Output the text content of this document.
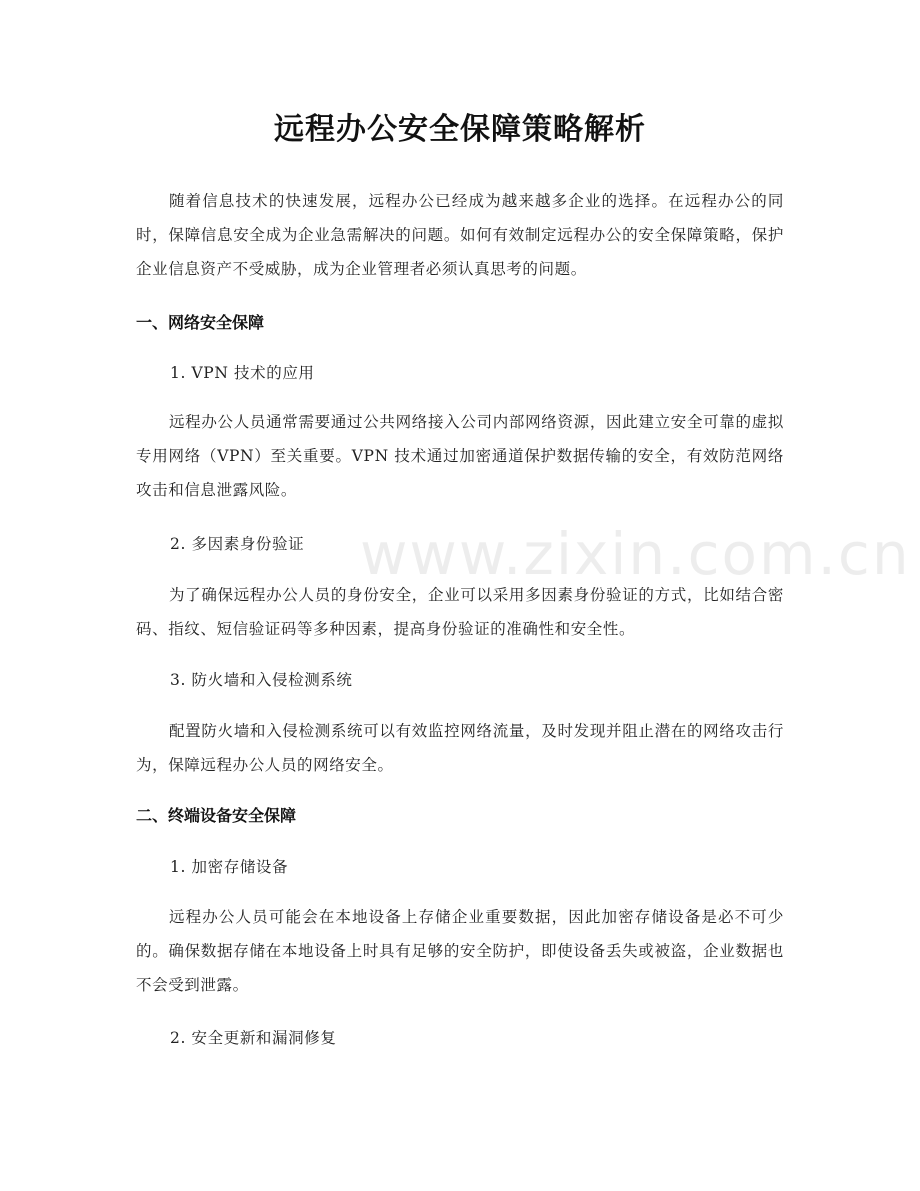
远程办公安全保障策略解析
随着信息技术的快速发展，远程办公已经成为越来越多企业的选择。在远程办公的同时，保障信息安全成为企业急需解决的问题。如何有效制定远程办公的安全保障策略，保护企业信息资产不受威胁，成为企业管理者必须认真思考的问题。
一、网络安全保障
1. VPN 技术的应用
远程办公人员通常需要通过公共网络接入公司内部网络资源，因此建立安全可靠的虚拟专用网络（VPN）至关重要。VPN 技术通过加密通道保护数据传输的安全，有效防范网络攻击和信息泄露风险。
2. 多因素身份验证
为了确保远程办公人员的身份安全，企业可以采用多因素身份验证的方式，比如结合密码、指纹、短信验证码等多种因素，提高身份验证的准确性和安全性。
3. 防火墙和入侵检测系统
配置防火墙和入侵检测系统可以有效监控网络流量，及时发现并阻止潜在的网络攻击行为，保障远程办公人员的网络安全。
二、终端设备安全保障
1. 加密存储设备
远程办公人员可能会在本地设备上存储企业重要数据，因此加密存储设备是必不可少的。确保数据存储在本地设备上时具有足够的安全防护，即使设备丢失或被盗，企业数据也不会受到泄露。
2. 安全更新和漏洞修复
www.zixin.com.cn
